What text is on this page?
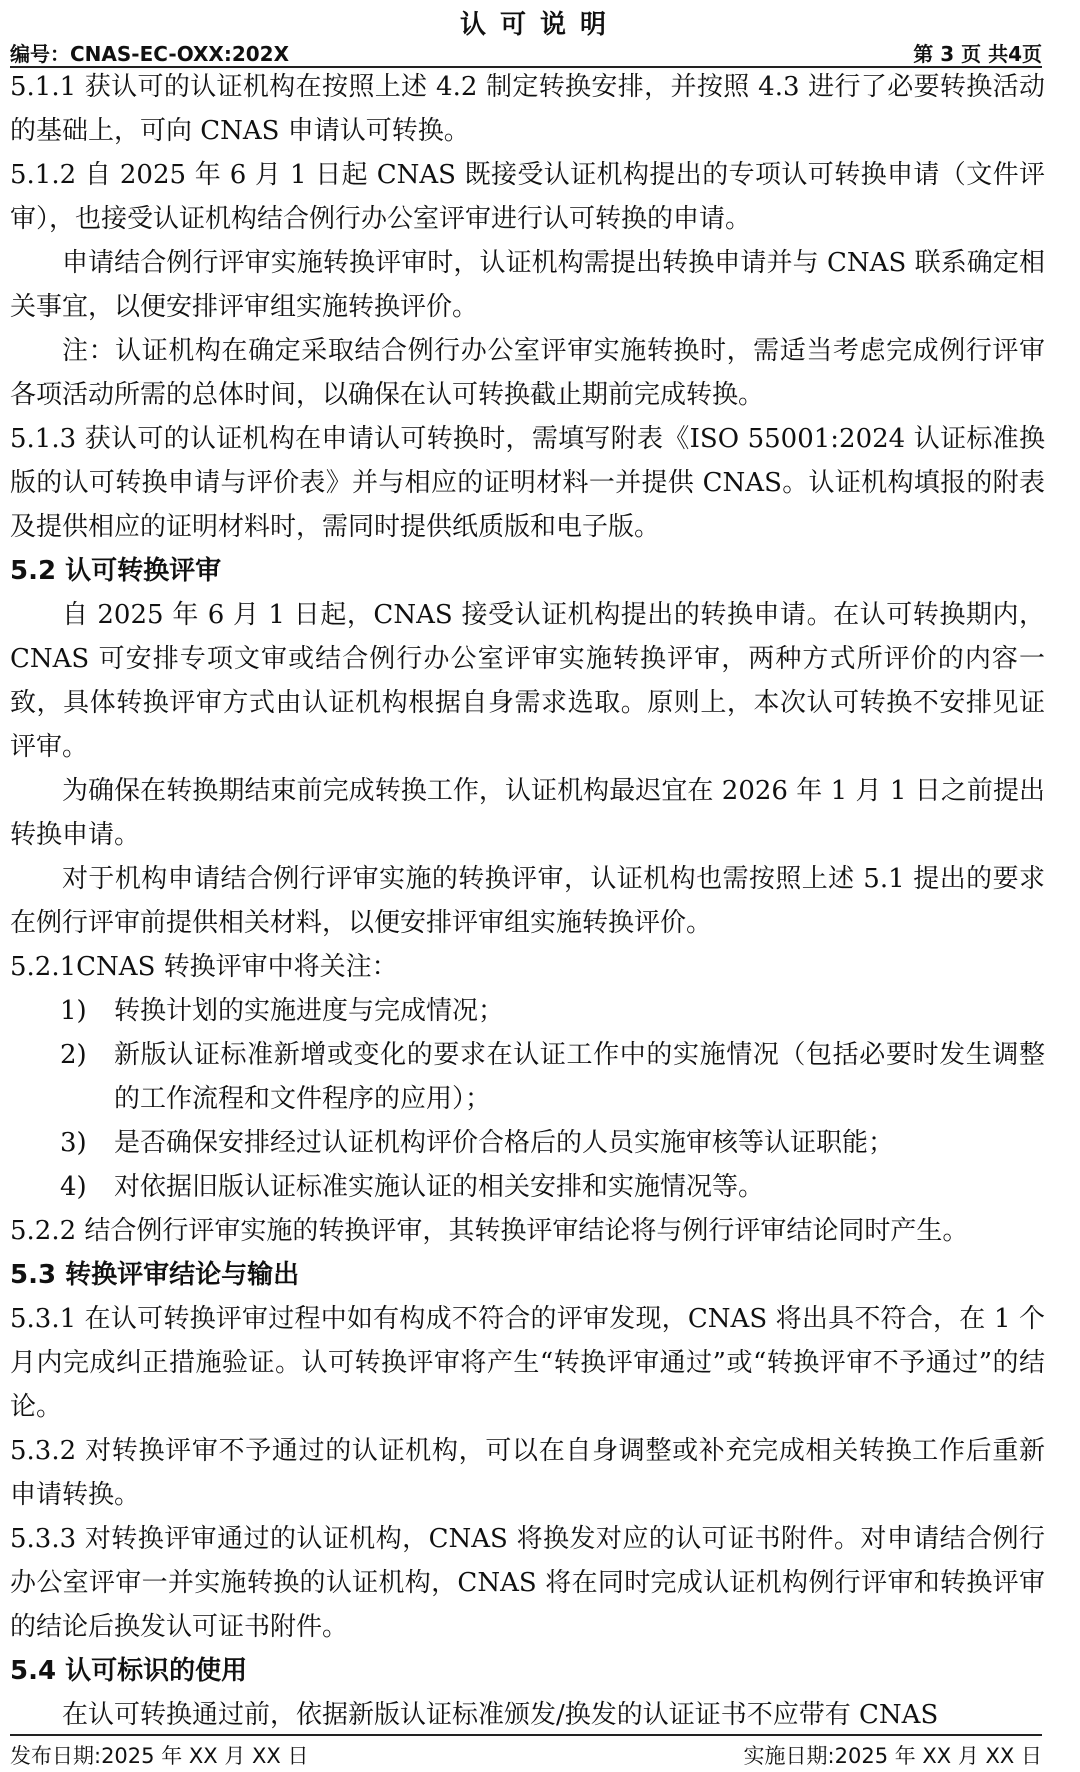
认可说明
编号：CNAS-EC-OXX:202X	第 3 页 共4页

5.1.1 获认可的认证机构在按照上述 4.2 制定转换安排，并按照 4.3 进行了必要转换活动的基础上，可向 CNAS 申请认可转换。

5.1.2 自 2025 年 6 月 1 日起 CNAS 既接受认证机构提出的专项认可转换申请（文件评审），也接受认证机构结合例行办公室评审进行认可转换的申请。

申请结合例行评审实施转换评审时，认证机构需提出转换申请并与 CNAS 联系确定相关事宜，以便安排评审组实施转换评价。

注：认证机构在确定采取结合例行办公室评审实施转换时，需适当考虑完成例行评审各项活动所需的总体时间，以确保在认可转换截止期前完成转换。

5.1.3 获认可的认证机构在申请认可转换时，需填写附表《ISO 55001:2024 认证标准换版的认可转换申请与评价表》并与相应的证明材料一并提供 CNAS。认证机构填报的附表及提供相应的证明材料时，需同时提供纸质版和电子版。

5.2 认可转换评审

自 2025 年 6 月 1 日起，CNAS 接受认证机构提出的转换申请。在认可转换期内，CNAS 可安排专项文审或结合例行办公室评审实施转换评审，两种方式所评价的内容一致，具体转换评审方式由认证机构根据自身需求选取。原则上，本次认可转换不安排见证评审。

为确保在转换期结束前完成转换工作，认证机构最迟宜在 2026 年 1 月 1 日之前提出转换申请。

对于机构申请结合例行评审实施的转换评审，认证机构也需按照上述 5.1 提出的要求在例行评审前提供相关材料，以便安排评审组实施转换评价。

5.2.1CNAS 转换评审中将关注：

1) 转换计划的实施进度与完成情况；

2) 新版认证标准新增或变化的要求在认证工作中的实施情况（包括必要时发生调整的工作流程和文件程序的应用）；

3) 是否确保安排经过认证机构评价合格后的人员实施审核等认证职能；

4) 对依据旧版认证标准实施认证的相关安排和实施情况等。

5.2.2 结合例行评审实施的转换评审，其转换评审结论将与例行评审结论同时产生。

5.3 转换评审结论与输出

5.3.1 在认可转换评审过程中如有构成不符合的评审发现，CNAS 将出具不符合，在 1 个月内完成纠正措施验证。认可转换评审将产生“转换评审通过”或“转换评审不予通过”的结论。

5.3.2 对转换评审不予通过的认证机构，可以在自身调整或补充完成相关转换工作后重新申请转换。

5.3.3 对转换评审通过的认证机构，CNAS 将换发对应的认可证书附件。对申请结合例行办公室评审一并实施转换的认证机构，CNAS 将在同时完成认证机构例行评审和转换评审的结论后换发认可证书附件。

5.4 认可标识的使用

在认可转换通过前，依据新版认证标准颁发/换发的认证证书不应带有 CNAS

发布日期:2025 年 XX 月 XX 日	实施日期:2025 年 XX 月 XX 日
